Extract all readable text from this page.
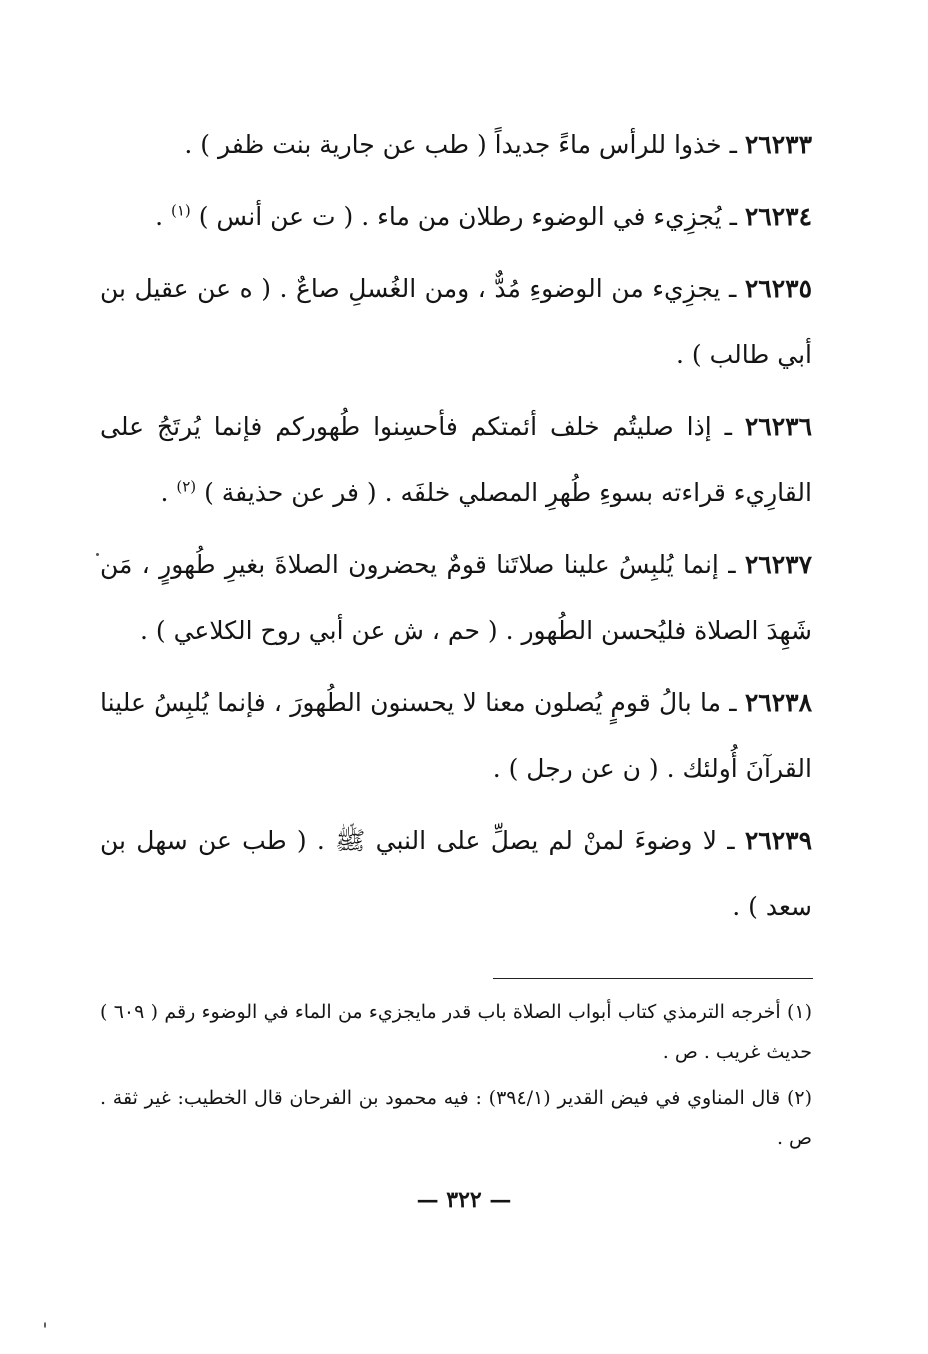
٢٦٢٣٣ ـ خذوا للرأس ماءً جديداً ( طب عن جارية بنت ظفر ) .

٢٦٢٣٤ ـ يُجزِيء في الوضوء رطلان من ماء . ( ت عن أنس ) $^{(١)}$ .

٢٦٢٣٥ ـ يجزِيء من الوضوءِ مُدٌّ ، ومن الغُسلِ صاعٌ . ( ه عن عقيل بن أبي طالب ) .

٢٦٢٣٦ ـ إذا صليتُم خلف أئمتكم فأحسِنوا طُهوركم فإنما يُرتَجُ على القارِيء قراءته بسوءِ طُهرِ المصلي خلفَه . ( فر عن حذيفة ) $^{(٢)}$ .

٢٦٢٣٧ ـ إنما يُلبِسُ علينا صلاتَنا قومٌ يحضرون الصلاةَ بغيرِ طُهورٍ ، مَن شَهِدَ الصلاة فليُحسن الطُهور . ( حم ، ش عن أبي روح الكلاعي ) .

٢٦٢٣٨ ـ ما بالُ قومٍ يُصلون معنا لا يحسنون الطُهورَ ، فإنما يُلبِسُ علينا القرآنَ أُولئك . ( ن عن رجل ) .

٢٦٢٣٩ ـ لا وضوءَ لمنْ لم يصلِّ على النبي ﷺ . ( طب عن سهل بن سعد ) .

(١) أخرجه الترمذي كتاب أبواب الصلاة باب قدر مايجزيء من الماء في الوضوء رقم ( ٦٠٩ ) حديث غريب . ص .

(٢) قال المناوي في فيض القدير (٣٩٤/١) : فيه محمود بن الفرحان قال الخطيب: غير ثقة . ص .

— ٣٢٢ —
